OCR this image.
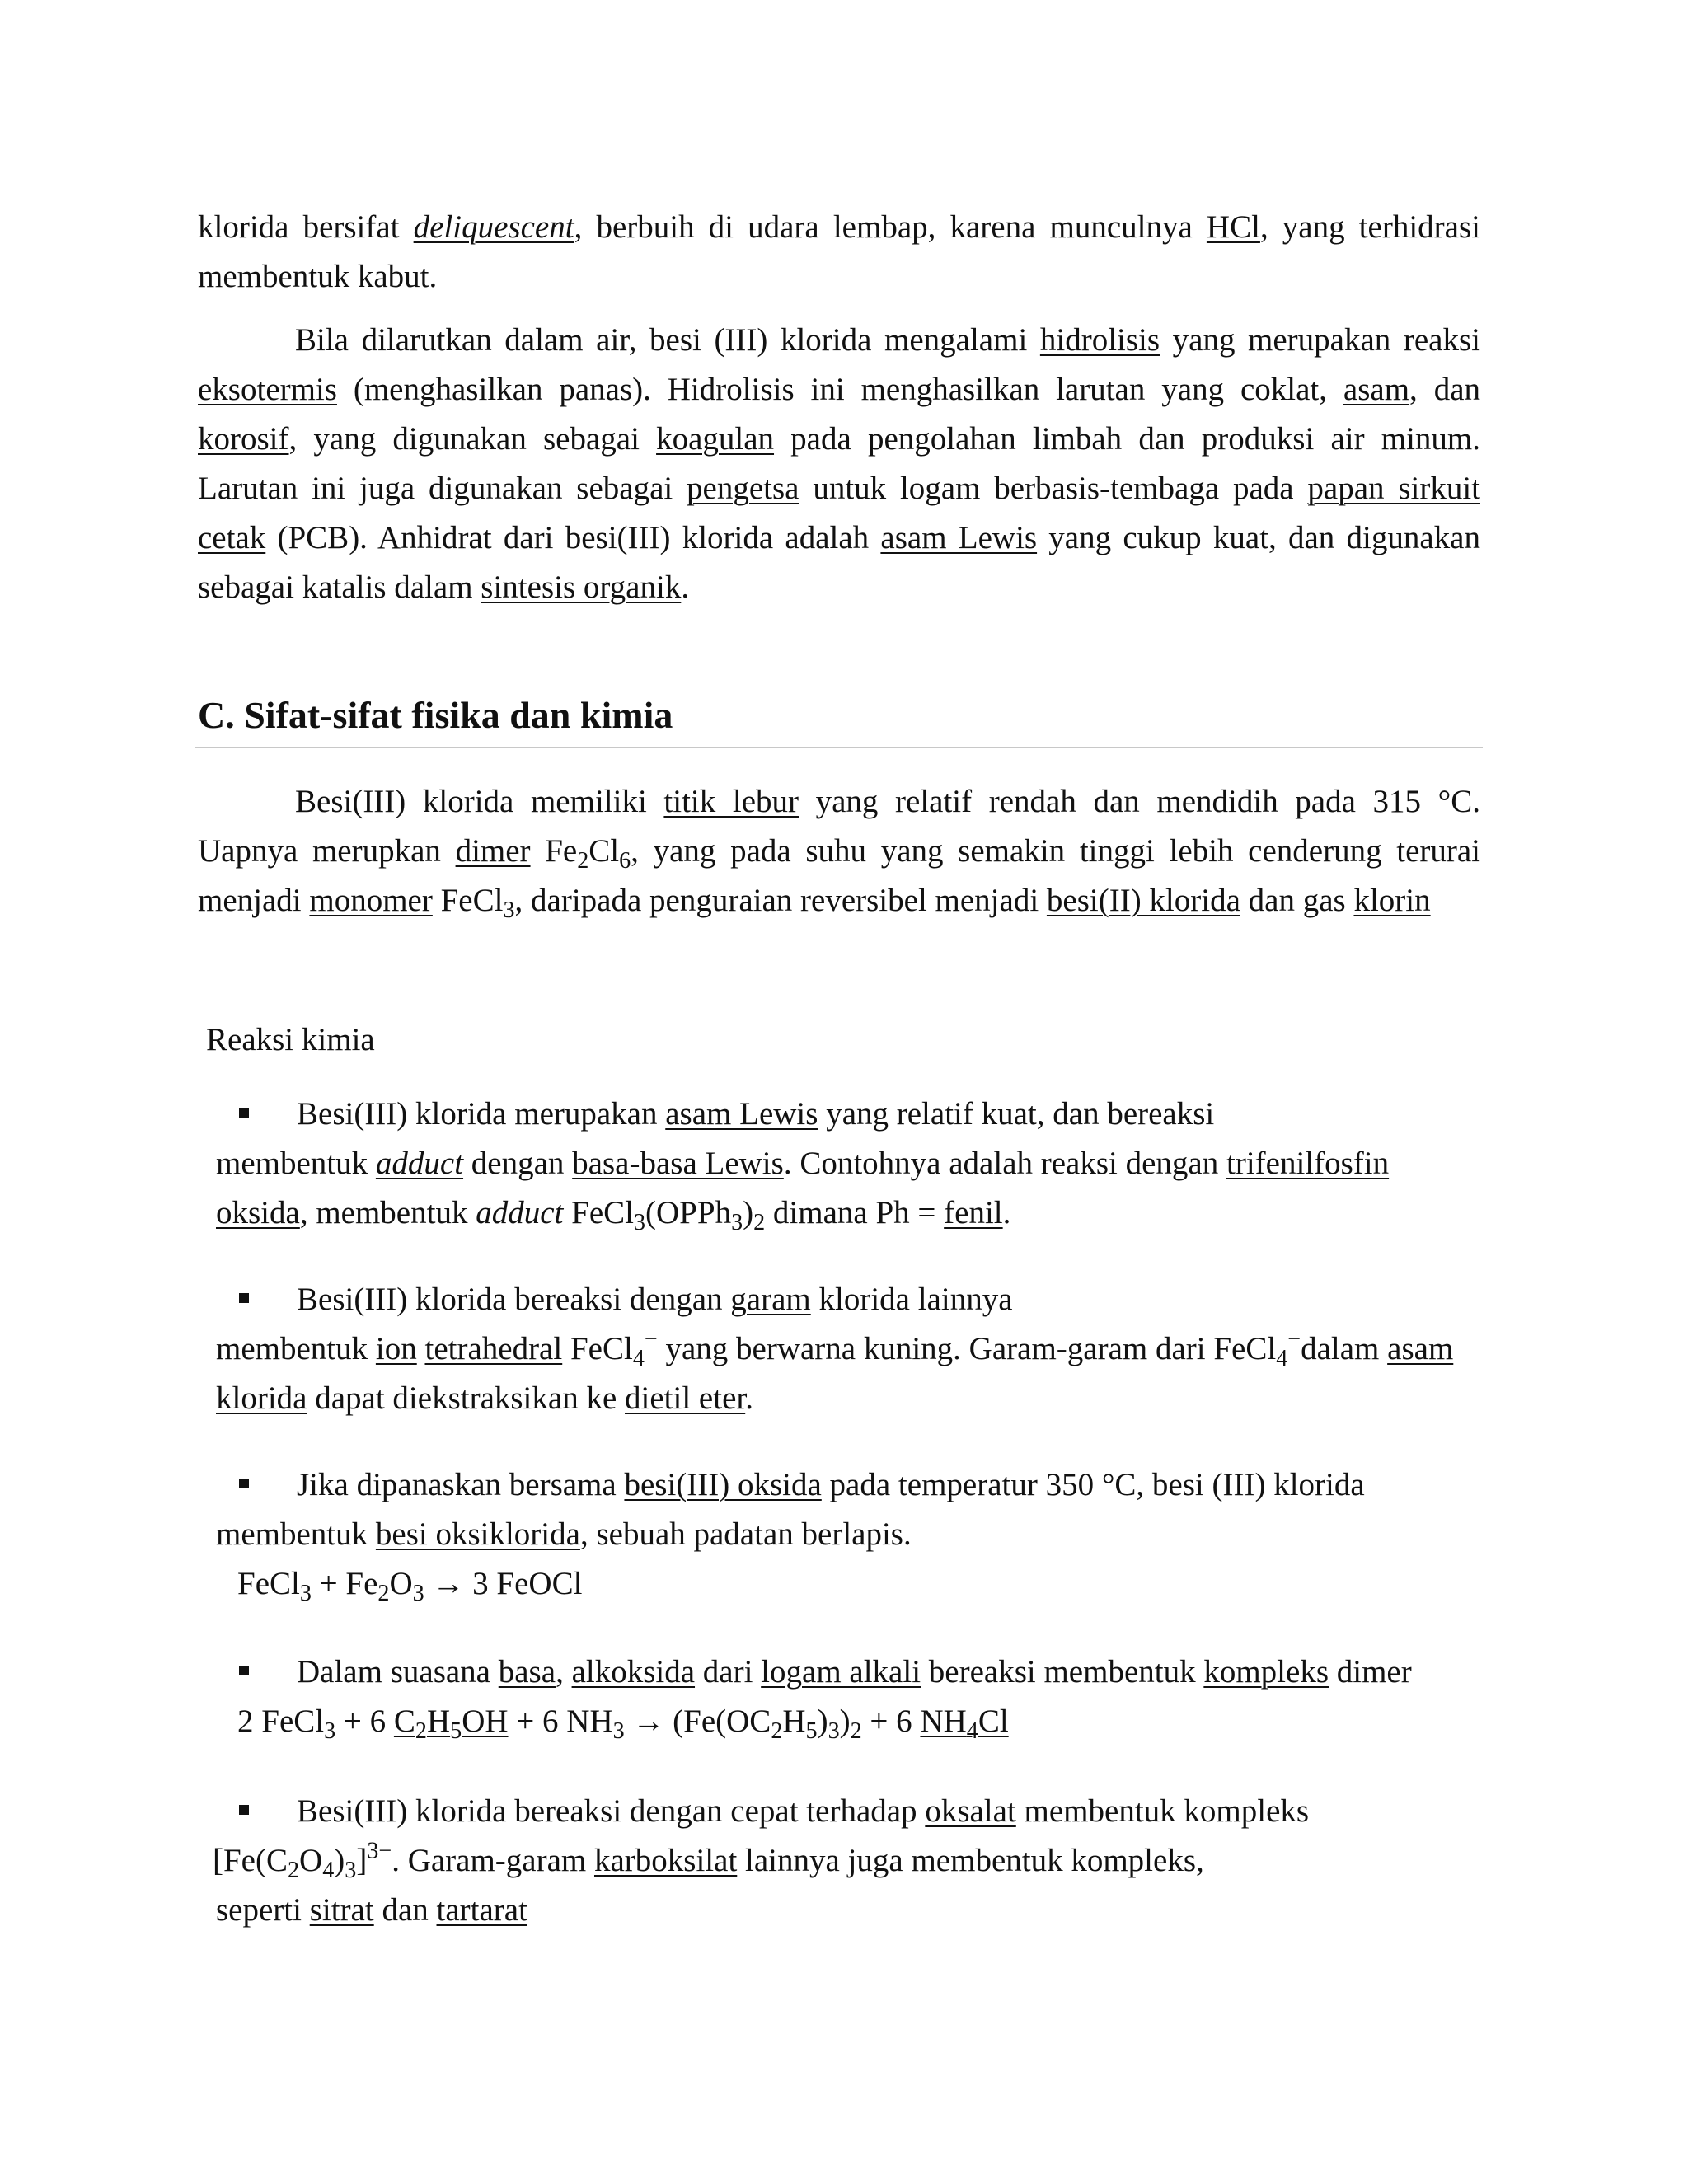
klorida bersifat deliquescent, berbuih di udara lembap, karena munculnya HCl, yang terhidrasi membentuk kabut.

Bila dilarutkan dalam air, besi (III) klorida mengalami hidrolisis yang merupakan reaksi eksotermis (menghasilkan panas). Hidrolisis ini menghasilkan larutan yang coklat, asam, dan korosif, yang digunakan sebagai koagulan pada pengolahan limbah dan produksi air minum. Larutan ini juga digunakan sebagai pengetsa untuk logam berbasis-tembaga pada papan sirkuit cetak (PCB). Anhidrat dari besi(III) klorida adalah asam Lewis yang cukup kuat, dan digunakan sebagai katalis dalam sintesis organik.

C. Sifat-sifat fisika dan kimia

Besi(III) klorida memiliki titik lebur yang relatif rendah dan mendidih pada 315 °C. Uapnya merupkan dimer $Fe_2Cl_6$, yang pada suhu yang semakin tinggi lebih cenderung terurai menjadi monomer FeCl$_3$, daripada penguraian reversibel menjadi besi(II) klorida dan gas klorin

Reaksi kimia

Besi(III) klorida merupakan asam Lewis yang relatif kuat, dan bereaksi
membentuk adduct dengan basa-basa Lewis. Contohnya adalah reaksi dengan trifenilfosfin oksida, membentuk adduct $FeCl_3(OPPh_3)_2$ dimana Ph = fenil.

Besi(III) klorida bereaksi dengan garam klorida lainnya
membentuk ion tetrahedral FeCl$_4$− yang berwarna kuning. Garam-garam dari FeCl$_4$−dalam asam klorida dapat diekstraksikan ke dietil eter.

Jika dipanaskan bersama besi(III) oksida pada temperatur 350 °C, besi (III) klorida
membentuk besi oksiklorida, sebuah padatan berlapis.
FeCl$_3$ + $Fe_2O_3 \to 3$ FeOCl

Dalam suasana basa, alkoksida dari logam alkali bereaksi membentuk kompleks dimer
2 FeCl$_3$ + 6 $C_2H_5OH + 6$ $NH_3 \to (Fe(OC_2H_5)_3)_2 + 6$ $NH_4Cl$

Besi(III) klorida bereaksi dengan cepat terhadap oksalat membentuk kompleks
$[Fe(C_2O_4)_3]^{3-}$. Garam-garam karboksilat lainnya juga membentuk kompleks,
seperti sitrat dan tartarat
